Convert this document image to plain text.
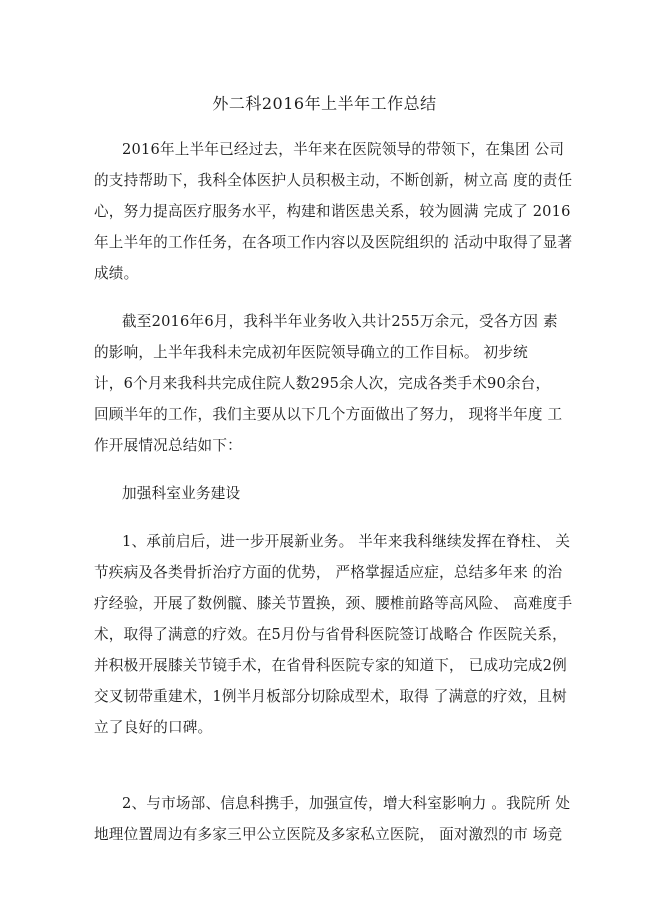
外二科2016年上半年工作总结
2016年上半年已经过去，半年来在医院领导的带领下，在集团 公司
的支持帮助下，我科全体医护人员积极主动，不断创新，树立高 度的责任
心，努力提高医疗服务水平，构建和谐医患关系，较为圆满 完成了 2016
年上半年的工作任务，在各项工作内容以及医院组织的 活动中取得了显著
成绩。
截至2016年6月，我科半年业务收入共计255万余元，受各方因 素
的影响，上半年我科未完成初年医院领导确立的工作目标。 初步统
计，6个月来我科共完成住院人数295余人次，完成各类手术90余台，
回顾半年的工作，我们主要从以下几个方面做出了努力， 现将半年度 工
作开展情况总结如下：
加强科室业务建设
1、承前启后，进一步开展新业务。 半年来我科继续发挥在脊柱、 关
节疾病及各类骨折治疗方面的优势， 严格掌握适应症，总结多年来 的治
疗经验，开展了数例髋、膝关节置换，颈、腰椎前路等高风险、 高难度手
术，取得了满意的疗效。在5月份与省骨科医院签订战略合 作医院关系，
并积极开展膝关节镜手术，在省骨科医院专家的知道下， 已成功完成2例
交叉韧带重建术，1例半月板部分切除成型术，取得 了满意的疗效，且树
立了良好的口碑。
2、与市场部、信息科携手，加强宣传，增大科室影响力 。我院所 处
地理位置周边有多家三甲公立医院及多家私立医院， 面对激烈的市 场竞
